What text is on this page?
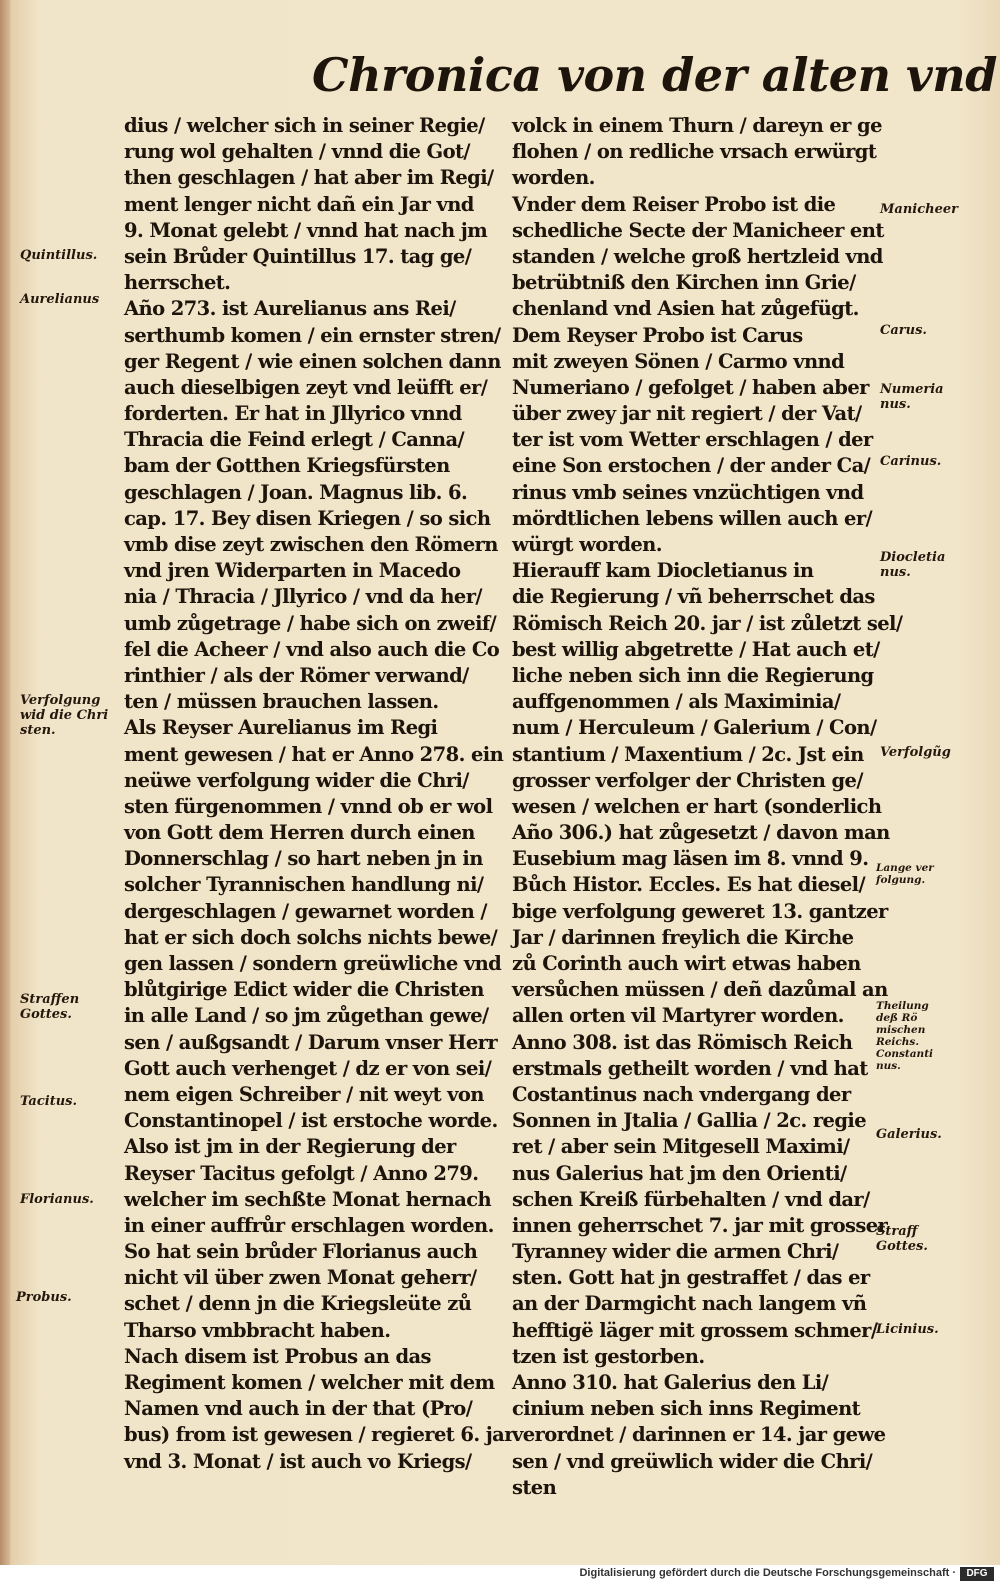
Chronica von der alten vnd
dius / welcher sich in seiner Regie/
rung wol gehalten / vnnd die Got/
then geschlagen / hat aber im Regi/
ment lenger nicht dañ ein Jar vnd
9. Monat gelebt / vnnd hat nach jm
sein Brůder Quintillus 17. tag ge/
herrschet.
Año 273. ist Aurelianus ans Rei/
serthumb komen / ein ernster stren/
ger Regent / wie einen solchen dann
auch dieselbigen zeyt vnd leüfft er/
forderten. Er hat in Jllyrico vnnd
Thracia die Feind erlegt / Canna/
bam der Gotthen Kriegsfürsten
geschlagen / Joan. Magnus lib. 6.
cap. 17. Bey disen Kriegen / so sich
vmb dise zeyt zwischen den Römern
vnd jren Widerparten in Macedo
nia / Thracia / Jllyrico / vnd da her/
umb zůgetrage / habe sich on zweif/
fel die Acheer / vnd also auch die Co
rinthier / als der Römer verwand/
ten / müssen brauchen lassen.
Als Reyser Aurelianus im Regi
ment gewesen / hat er Anno 278. ein
neüwe verfolgung wider die Chri/
sten fürgenommen / vnnd ob er wol
von Gott dem Herren durch einen
Donnerschlag / so hart neben jn in
solcher Tyrannischen handlung ni/
dergeschlagen / gewarnet worden /
hat er sich doch solchs nichts bewe/
gen lassen / sondern greüwliche vnd
blůtgirige Edict wider die Christen
in alle Land / so jm zůgethan gewe/
sen / außgsandt / Darum vnser Herr
Gott auch verhenget / dz er von sei/
nem eigen Schreiber / nit weyt von
Constantinopel / ist erstoche worde.
Also ist jm in der Regierung der
Reyser Tacitus gefolgt / Anno 279.
welcher im sechßte Monat hernach
in einer auffrůr erschlagen worden.
So hat sein brůder Florianus auch
nicht vil über zwen Monat geherr/
schet / denn jn die Kriegsleüte zů
Tharso vmbbracht haben.
Nach disem ist Probus an das
Regiment komen / welcher mit dem
Namen vnd auch in der that (Pro/
bus) from ist gewesen / regieret 6. jar
vnd 3. Monat / ist auch vo Kriegs/
volck in einem Thurn / dareyn er ge
flohen / on redliche vrsach erwürgt
worden.
Vnder dem Reiser Probo ist die
schedliche Secte der Manicheer ent
standen / welche groß hertzleid vnd
betrübtniß den Kirchen inn Grie/
chenland vnd Asien hat zůgefügt.
Dem Reyser Probo ist Carus
mit zweyen Sönen / Carmo vnnd
Numeriano / gefolget / haben aber
über zwey jar nit regiert / der Vat/
ter ist vom Wetter erschlagen / der
eine Son erstochen / der ander Ca/
rinus vmb seines vnzüchtigen vnd
mördtlichen lebens willen auch er/
würgt worden.
Hierauff kam Diocletianus in
die Regierung / vñ beherrschet das
Römisch Reich 20. jar / ist zůletzt sel/
best willig abgetrette / Hat auch et/
liche neben sich inn die Regierung
auffgenommen / als Maximinia/
num / Herculeum / Galerium / Con/
stantium / Maxentium / 2c. Jst ein
grosser verfolger der Christen ge/
wesen / welchen er hart (sonderlich
Año 306.) hat zůgesetzt / davon man
Eusebium mag läsen im 8. vnnd 9.
Bůch Histor. Eccles. Es hat diesel/
bige verfolgung geweret 13. gantzer
Jar / darinnen freylich die Kirche
zů Corinth auch wirt etwas haben
versůchen müssen / deñ dazůmal an
allen orten vil Martyrer worden.
Anno 308. ist das Römisch Reich
erstmals getheilt worden / vnd hat
Costantinus nach vndergang der
Sonnen in Jtalia / Gallia / 2c. regie
ret / aber sein Mitgesell Maximi/
nus Galerius hat jm den Orienti/
schen Kreiß fürbehalten / vnd dar/
innen geherrschet 7. jar mit grosser
Tyranney wider die armen Chri/
sten. Gott hat jn gestraffet / das er
an der Darmgicht nach langem vñ
hefftigë läger mit grossem schmer/
tzen ist gestorben.
Anno 310. hat Galerius den Li/
cinium neben sich inns Regiment
verordnet / darinnen er 14. jar gewe
sen / vnd greüwlich wider die Chri/
sten
Quintillus.
Aurelianus
Verfolgung
wid die Chri
sten.
Straffen
Gottes.
Tacitus.
Florianus.
Probus.
Manicheer
Carus.
Numeria
nus.
Carinus.
Diocletia
nus.
Verfolgũg
Lange ver
folgung.
Theilung
deß Rö
mischen
Reichs.
Constanti
nus.
Galerius.
Straff
Gottes.
Licinius.
Digitalisierung gefördert durch die Deutsche Forschungsgemeinschaft ·	DFG
